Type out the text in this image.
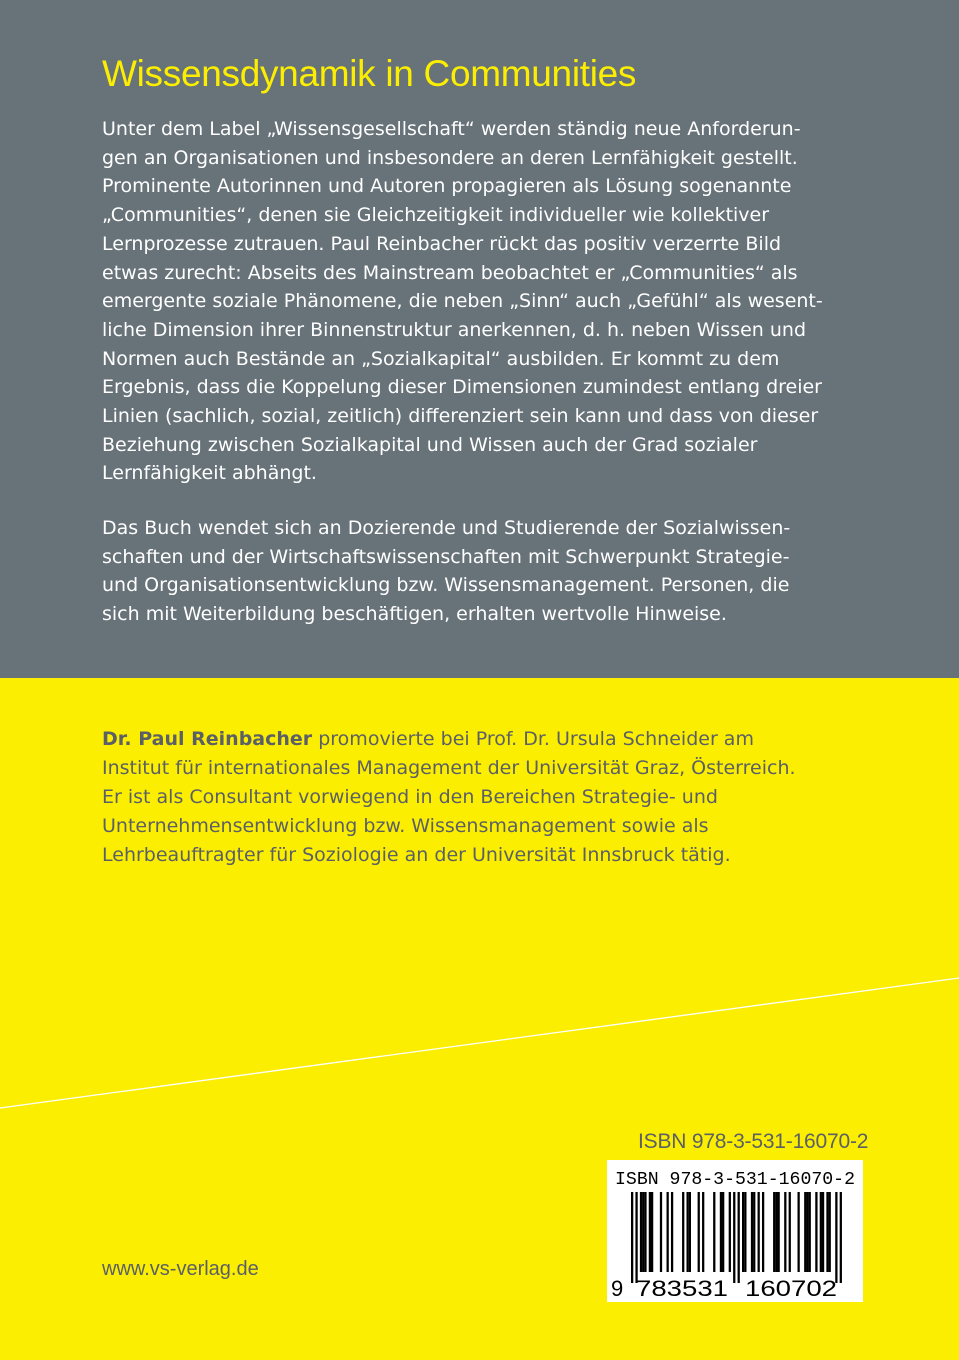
Wissensdynamik in Communities

Unter dem Label „Wissensgesellschaft“ werden ständig neue Anforderun-
gen an Organisationen und insbesondere an deren Lernfähigkeit gestellt.
Prominente Autorinnen und Autoren propagieren als Lösung sogenannte
„Communities“, denen sie Gleichzeitigkeit individueller wie kollektiver
Lernprozesse zutrauen. Paul Reinbacher rückt das positiv verzerrte Bild
etwas zurecht: Abseits des Mainstream beobachtet er „Communities“ als
emergente soziale Phänomene, die neben „Sinn“ auch „Gefühl“ als wesent-
liche Dimension ihrer Binnenstruktur anerkennen, d. h. neben Wissen und
Normen auch Bestände an „Sozialkapital“ ausbilden. Er kommt zu dem
Ergebnis, dass die Koppelung dieser Dimensionen zumindest entlang dreier
Linien (sachlich, sozial, zeitlich) differenziert sein kann und dass von dieser
Beziehung zwischen Sozialkapital und Wissen auch der Grad sozialer
Lernfähigkeit abhängt.

Das Buch wendet sich an Dozierende und Studierende der Sozialwissen-
schaften und der Wirtschaftswissenschaften mit Schwerpunkt Strategie-
und Organisationsentwicklung bzw. Wissensmanagement. Personen, die
sich mit Weiterbildung beschäftigen, erhalten wertvolle Hinweise.

Dr. Paul Reinbacher promovierte bei Prof. Dr. Ursula Schneider am
Institut für internationales Management der Universität Graz, Österreich.
Er ist als Consultant vorwiegend in den Bereichen Strategie- und
Unternehmensentwicklung bzw. Wissensmanagement sowie als
Lehrbeauftragter für Soziologie an der Universität Innsbruck tätig.

ISBN 978-3-531-16070-2
ISBN 978-3-531-16070-2
9 783531 160702
www.vs-verlag.de
